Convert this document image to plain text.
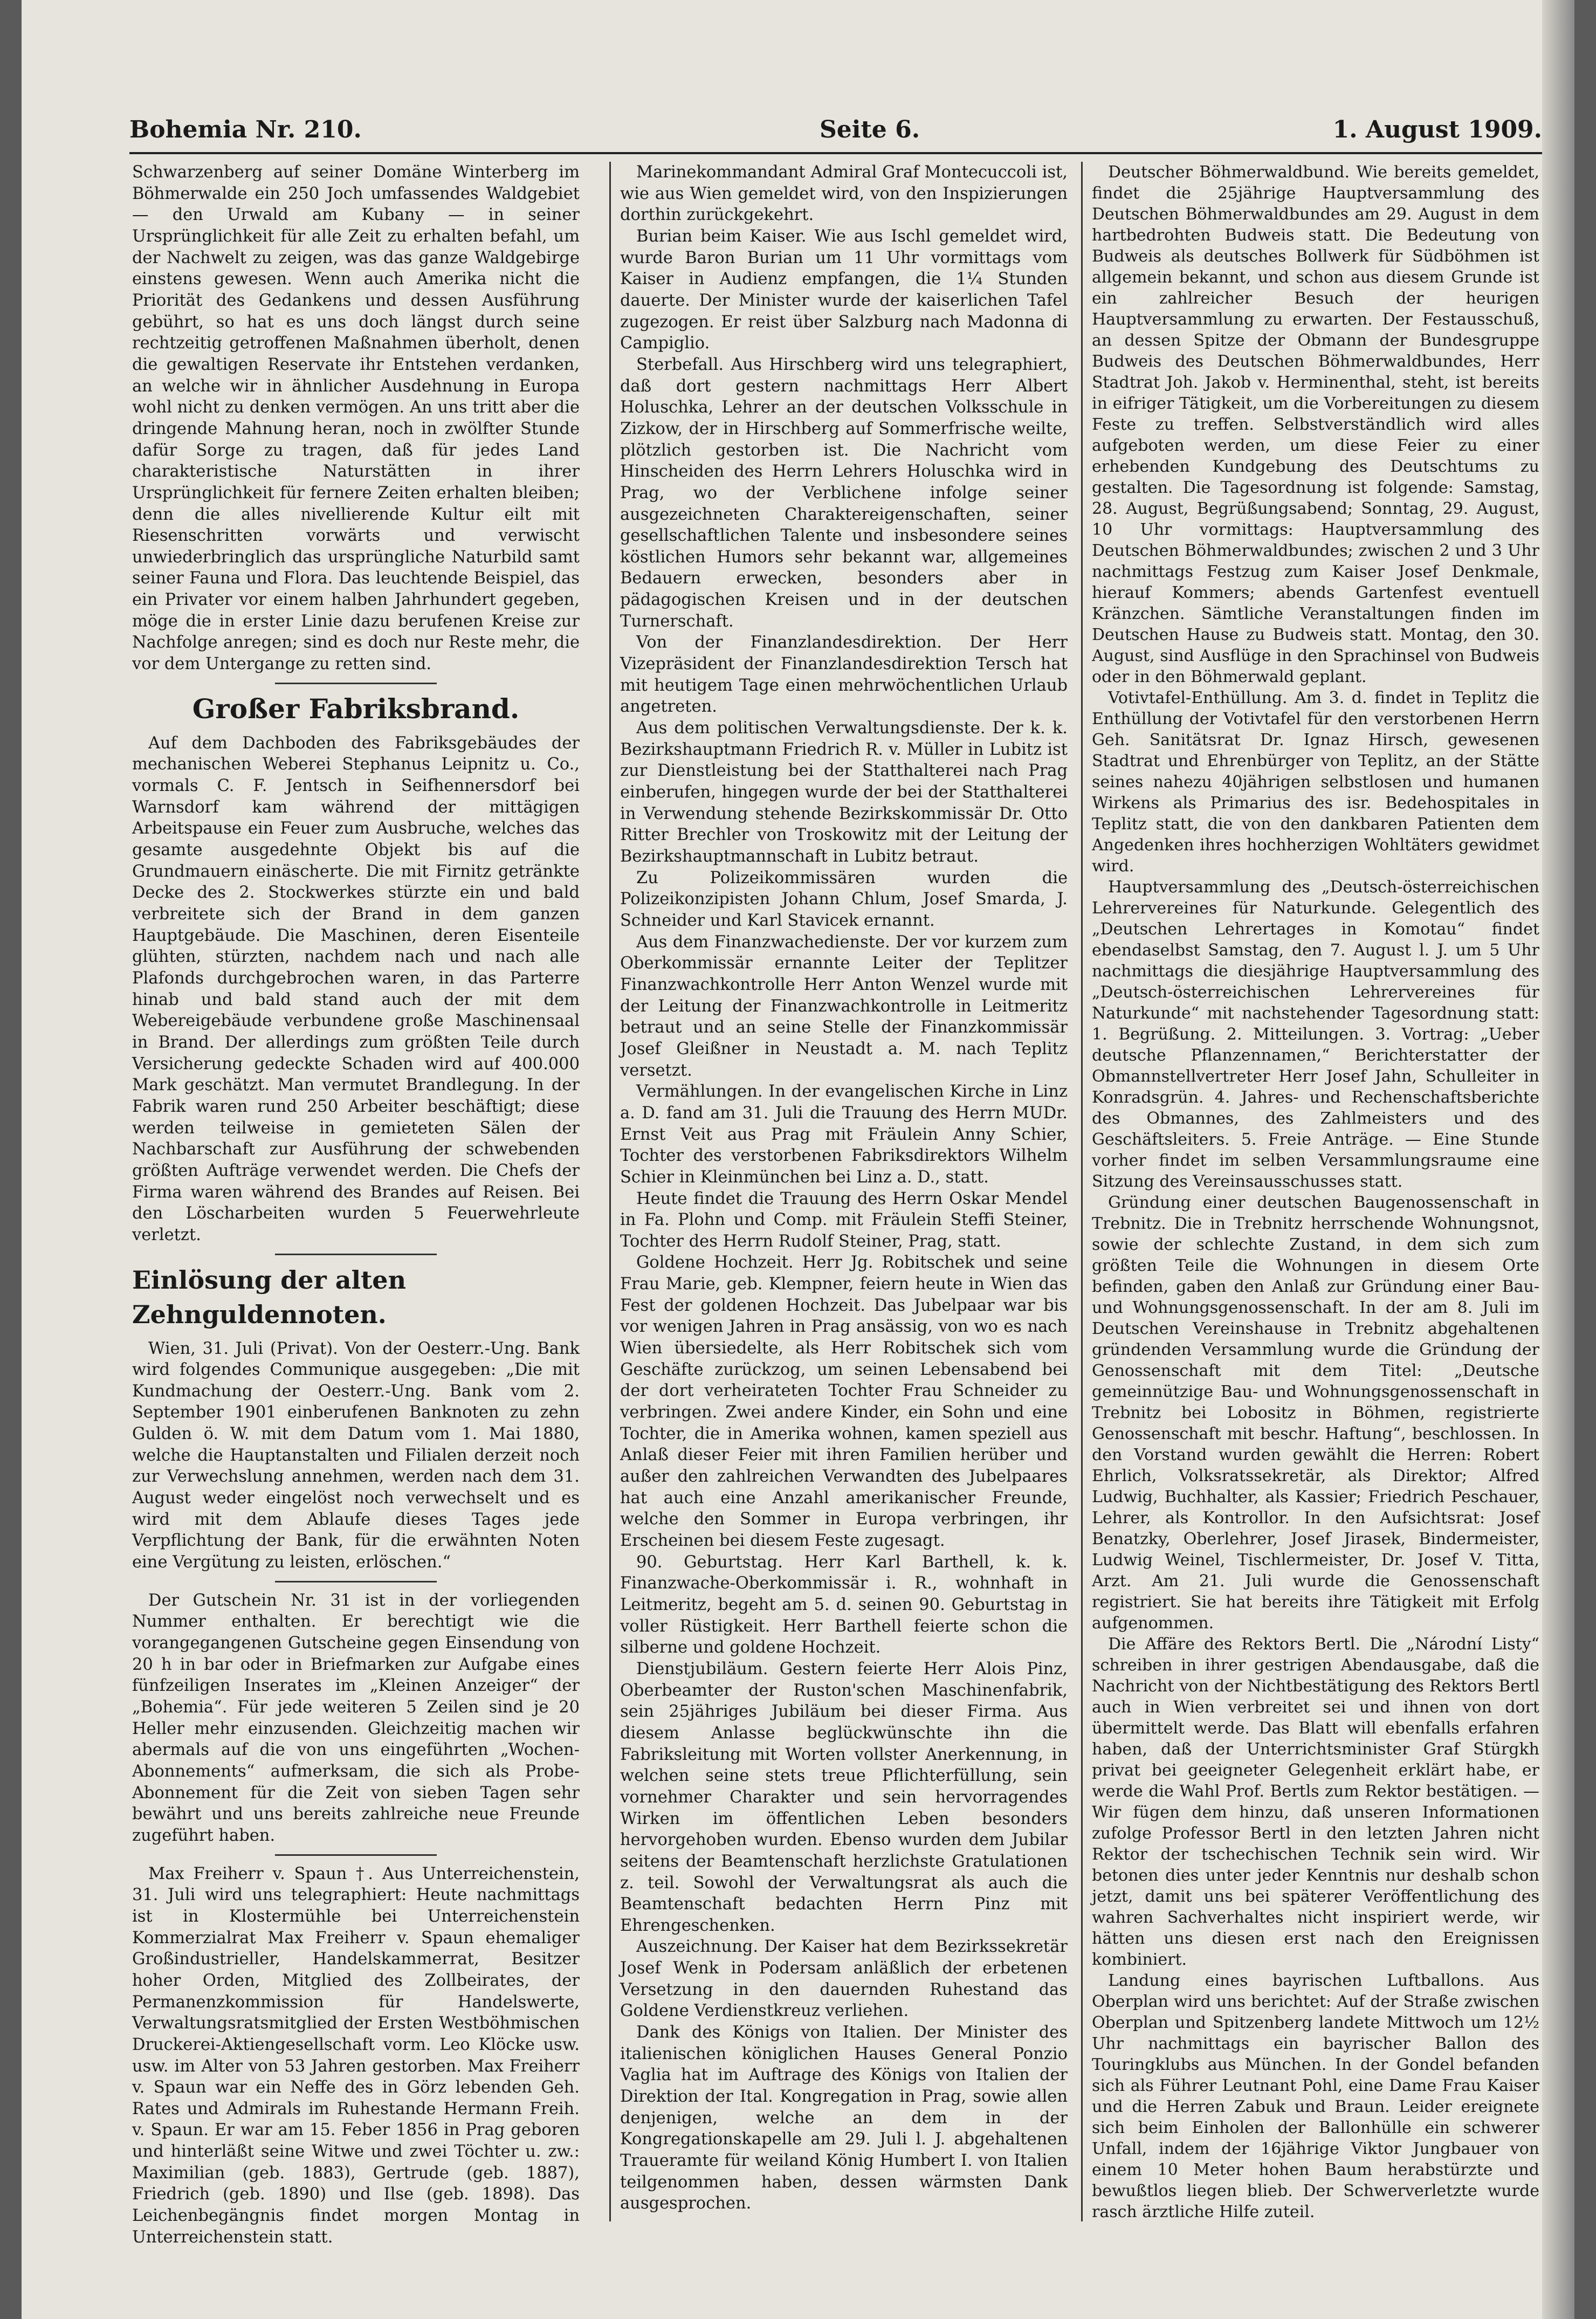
Bohemia Nr. 210.	Seite 6.	1. August 1909.

Schwarzenberg auf seiner Domäne Winterberg im Böhmerwalde ein 250 Joch umfassendes Waldgebiet — den Urwald am Kubany — in seiner Ursprünglichkeit für alle Zeit zu erhalten befahl, um der Nachwelt zu zeigen, was das ganze Waldgebirge einstens gewesen. Wenn auch Amerika nicht die Priorität des Gedankens und dessen Ausführung gebührt, so hat es uns doch längst durch seine rechtzeitig getroffenen Maßnahmen überholt, denen die gewaltigen Reservate ihr Entstehen verdanken, an welche wir in ähnlicher Ausdehnung in Europa wohl nicht zu denken vermögen. An uns tritt aber die dringende Mahnung heran, noch in zwölfter Stunde dafür Sorge zu tragen, daß für jedes Land charakteristische Naturstätten in ihrer Ursprünglichkeit für fernere Zeiten erhalten bleiben; denn die alles nivellierende Kultur eilt mit Riesenschritten vorwärts und verwischt unwiederbringlich das ursprüngliche Naturbild samt seiner Fauna und Flora. Das leuchtende Beispiel, das ein Privater vor einem halben Jahrhundert gegeben, möge die in erster Linie dazu berufenen Kreise zur Nachfolge anregen; sind es doch nur Reste mehr, die vor dem Untergange zu retten sind.

Großer Fabriksbrand.

Auf dem Dachboden des Fabriksgebäudes der mechanischen Weberei Stephanus Leipnitz u. Co., vormals C. F. Jentsch in Seifhennersdorf bei Warnsdorf kam während der mittägigen Arbeitspause ein Feuer zum Ausbruche, welches das gesamte ausgedehnte Objekt bis auf die Grundmauern einäscherte. Die mit Firnitz getränkte Decke des 2. Stockwerkes stürzte ein und bald verbreitete sich der Brand in dem ganzen Hauptgebäude. Die Maschinen, deren Eisenteile glühten, stürzten, nachdem nach und nach alle Plafonds durchgebrochen waren, in das Parterre hinab und bald stand auch der mit dem Webereigebäude verbundene große Maschinensaal in Brand. Der allerdings zum größten Teile durch Versicherung gedeckte Schaden wird auf 400.000 Mark geschätzt. Man vermutet Brandlegung. In der Fabrik waren rund 250 Arbeiter beschäftigt; diese werden teilweise in gemieteten Sälen der Nachbarschaft zur Ausführung der schwebenden größten Aufträge verwendet werden. Die Chefs der Firma waren während des Brandes auf Reisen. Bei den Löscharbeiten wurden 5 Feuerwehrleute verletzt.

Einlösung der alten Zehnguldennoten.

Wien, 31. Juli (Privat). Von der Oesterr.-Ung. Bank wird folgendes Communique ausgegeben: „Die mit Kundmachung der Oesterr.-Ung. Bank vom 2. September 1901 einberufenen Banknoten zu zehn Gulden ö. W. mit dem Datum vom 1. Mai 1880, welche die Hauptanstalten und Filialen derzeit noch zur Verwechslung annehmen, werden nach dem 31. August weder eingelöst noch verwechselt und es wird mit dem Ablaufe dieses Tages jede Verpflichtung der Bank, für die erwähnten Noten eine Vergütung zu leisten, erlöschen.“

Der Gutschein Nr. 31 ist in der vorliegenden Nummer enthalten. Er berechtigt wie die vorangegangenen Gutscheine gegen Einsendung von 20 h in bar oder in Briefmarken zur Aufgabe eines fünfzeiligen Inserates im „Kleinen Anzeiger“ der „Bohemia“. Für jede weiteren 5 Zeilen sind je 20 Heller mehr einzusenden. Gleichzeitig machen wir abermals auf die von uns eingeführten „Wochen-Abonnements“ aufmerksam, die sich als Probe-Abonnement für die Zeit von sieben Tagen sehr bewährt und uns bereits zahlreiche neue Freunde zugeführt haben.

Max Freiherr v. Spaun †. Aus Unterreichenstein, 31. Juli wird uns telegraphiert: Heute nachmittags ist in Klostermühle bei Unterreichenstein Kommerzialrat Max Freiherr v. Spaun ehemaliger Großindustrieller, Handelskammerrat, Besitzer hoher Orden, Mitglied des Zollbeirates, der Permanenzkommission für Handelswerte, Verwaltungsratsmitglied der Ersten Westböhmischen Druckerei-Aktiengesellschaft vorm. Leo Klöcke usw. usw. im Alter von 53 Jahren gestorben. Max Freiherr v. Spaun war ein Neffe des in Görz lebenden Geh. Rates und Admirals im Ruhestande Hermann Freih. v. Spaun. Er war am 15. Feber 1856 in Prag geboren und hinterläßt seine Witwe und zwei Töchter u. zw.: Maximilian (geb. 1883), Gertrude (geb. 1887), Friedrich (geb. 1890) und Ilse (geb. 1898). Das Leichenbegängnis findet morgen Montag in Unterreichenstein statt.

Marinekommandant Admiral Graf Montecuccoli ist, wie aus Wien gemeldet wird, von den Inspizierungen dorthin zurückgekehrt.

Burian beim Kaiser. Wie aus Ischl gemeldet wird, wurde Baron Burian um 11 Uhr vormittags vom Kaiser in Audienz empfangen, die 1¼ Stunden dauerte. Der Minister wurde der kaiserlichen Tafel zugezogen. Er reist über Salzburg nach Madonna di Campiglio.

Sterbefall. Aus Hirschberg wird uns telegraphiert, daß dort gestern nachmittags Herr Albert Holuschka, Lehrer an der deutschen Volksschule in Zizkow, der in Hirschberg auf Sommerfrische weilte, plötzlich gestorben ist. Die Nachricht vom Hinscheiden des Herrn Lehrers Holuschka wird in Prag, wo der Verblichene infolge seiner ausgezeichneten Charaktereigenschaften, seiner gesellschaftlichen Talente und insbesondere seines köstlichen Humors sehr bekannt war, allgemeines Bedauern erwecken, besonders aber in pädagogischen Kreisen und in der deutschen Turnerschaft.

Von der Finanzlandesdirektion. Der Herr Vizepräsident der Finanzlandesdirektion Tersch hat mit heutigem Tage einen mehrwöchentlichen Urlaub angetreten.

Aus dem politischen Verwaltungsdienste. Der k. k. Bezirkshauptmann Friedrich R. v. Müller in Lubitz ist zur Dienstleistung bei der Statthalterei nach Prag einberufen, hingegen wurde der bei der Statthalterei in Verwendung stehende Bezirkskommissär Dr. Otto Ritter Brechler von Troskowitz mit der Leitung der Bezirkshauptmannschaft in Lubitz betraut.

Zu Polizeikommissären wurden die Polizeikonzipisten Johann Chlum, Josef Smarda, J. Schneider und Karl Stavicek ernannt.

Aus dem Finanzwachedienste. Der vor kurzem zum Oberkommissär ernannte Leiter der Teplitzer Finanzwachkontrolle Herr Anton Wenzel wurde mit der Leitung der Finanzwachkontrolle in Leitmeritz betraut und an seine Stelle der Finanzkommissär Josef Gleißner in Neustadt a. M. nach Teplitz versetzt.

Vermählungen. In der evangelischen Kirche in Linz a. D. fand am 31. Juli die Trauung des Herrn MUDr. Ernst Veit aus Prag mit Fräulein Anny Schier, Tochter des verstorbenen Fabriksdirektors Wilhelm Schier in Kleinmünchen bei Linz a. D., statt.

Heute findet die Trauung des Herrn Oskar Mendel in Fa. Plohn und Comp. mit Fräulein Steffi Steiner, Tochter des Herrn Rudolf Steiner, Prag, statt.

Goldene Hochzeit. Herr Jg. Robitschek und seine Frau Marie, geb. Klempner, feiern heute in Wien das Fest der goldenen Hochzeit. Das Jubelpaar war bis vor wenigen Jahren in Prag ansässig, von wo es nach Wien übersiedelte, als Herr Robitschek sich vom Geschäfte zurückzog, um seinen Lebensabend bei der dort verheirateten Tochter Frau Schneider zu verbringen. Zwei andere Kinder, ein Sohn und eine Tochter, die in Amerika wohnen, kamen speziell aus Anlaß dieser Feier mit ihren Familien herüber und außer den zahlreichen Verwandten des Jubelpaares hat auch eine Anzahl amerikanischer Freunde, welche den Sommer in Europa verbringen, ihr Erscheinen bei diesem Feste zugesagt.

90. Geburtstag. Herr Karl Barthell, k. k. Finanzwache-Oberkommissär i. R., wohnhaft in Leitmeritz, begeht am 5. d. seinen 90. Geburtstag in voller Rüstigkeit. Herr Barthell feierte schon die silberne und goldene Hochzeit.

Dienstjubiläum. Gestern feierte Herr Alois Pinz, Oberbeamter der Ruston'schen Maschinenfabrik, sein 25jähriges Jubiläum bei dieser Firma. Aus diesem Anlasse beglückwünschte ihn die Fabriksleitung mit Worten vollster Anerkennung, in welchen seine stets treue Pflichterfüllung, sein vornehmer Charakter und sein hervorragendes Wirken im öffentlichen Leben besonders hervorgehoben wurden. Ebenso wurden dem Jubilar seitens der Beamtenschaft herzlichste Gratulationen z. teil. Sowohl der Verwaltungsrat als auch die Beamtenschaft bedachten Herrn Pinz mit Ehrengeschenken.

Auszeichnung. Der Kaiser hat dem Bezirkssekretär Josef Wenk in Podersam anläßlich der erbetenen Versetzung in den dauernden Ruhestand das Goldene Verdienstkreuz verliehen.

Dank des Königs von Italien. Der Minister des italienischen königlichen Hauses General Ponzio Vaglia hat im Auftrage des Königs von Italien der Direktion der Ital. Kongregation in Prag, sowie allen denjenigen, welche an dem in der Kongregationskapelle am 29. Juli l. J. abgehaltenen Traueramte für weiland König Humbert I. von Italien teilgenommen haben, dessen wärmsten Dank ausgesprochen.

Deutscher Böhmerwaldbund. Wie bereits gemeldet, findet die 25jährige Hauptversammlung des Deutschen Böhmerwaldbundes am 29. August in dem hartbedrohten Budweis statt. Die Bedeutung von Budweis als deutsches Bollwerk für Südböhmen ist allgemein bekannt, und schon aus diesem Grunde ist ein zahlreicher Besuch der heurigen Hauptversammlung zu erwarten. Der Festausschuß, an dessen Spitze der Obmann der Bundesgruppe Budweis des Deutschen Böhmerwaldbundes, Herr Stadtrat Joh. Jakob v. Herminenthal, steht, ist bereits in eifriger Tätigkeit, um die Vorbereitungen zu diesem Feste zu treffen. Selbstverständlich wird alles aufgeboten werden, um diese Feier zu einer erhebenden Kundgebung des Deutschtums zu gestalten. Die Tagesordnung ist folgende: Samstag, 28. August, Begrüßungsabend; Sonntag, 29. August, 10 Uhr vormittags: Hauptversammlung des Deutschen Böhmerwaldbundes; zwischen 2 und 3 Uhr nachmittags Festzug zum Kaiser Josef Denkmale, hierauf Kommers; abends Gartenfest eventuell Kränzchen. Sämtliche Veranstaltungen finden im Deutschen Hause zu Budweis statt. Montag, den 30. August, sind Ausflüge in den Sprachinsel von Budweis oder in den Böhmerwald geplant.

Votivtafel-Enthüllung. Am 3. d. findet in Teplitz die Enthüllung der Votivtafel für den verstorbenen Herrn Geh. Sanitätsrat Dr. Ignaz Hirsch, gewesenen Stadtrat und Ehrenbürger von Teplitz, an der Stätte seines nahezu 40jährigen selbstlosen und humanen Wirkens als Primarius des isr. Bedehospitales in Teplitz statt, die von den dankbaren Patienten dem Angedenken ihres hochherzigen Wohltäters gewidmet wird.

Hauptversammlung des „Deutsch-österreichischen Lehrervereines für Naturkunde. Gelegentlich des „Deutschen Lehrertages in Komotau“ findet ebendaselbst Samstag, den 7. August l. J. um 5 Uhr nachmittags die diesjährige Hauptversammlung des „Deutsch-österreichischen Lehrervereines für Naturkunde“ mit nachstehender Tagesordnung statt: 1. Begrüßung. 2. Mitteilungen. 3. Vortrag: „Ueber deutsche Pflanzennamen,“ Berichterstatter der Obmannstellvertreter Herr Josef Jahn, Schulleiter in Konradsgrün. 4. Jahres- und Rechenschaftsberichte des Obmannes, des Zahlmeisters und des Geschäftsleiters. 5. Freie Anträge. — Eine Stunde vorher findet im selben Versammlungsraume eine Sitzung des Vereinsausschusses statt.

Gründung einer deutschen Baugenossenschaft in Trebnitz. Die in Trebnitz herrschende Wohnungsnot, sowie der schlechte Zustand, in dem sich zum größten Teile die Wohnungen in diesem Orte befinden, gaben den Anlaß zur Gründung einer Bau- und Wohnungsgenossenschaft. In der am 8. Juli im Deutschen Vereinshause in Trebnitz abgehaltenen gründenden Versammlung wurde die Gründung der Genossenschaft mit dem Titel: „Deutsche gemeinnützige Bau- und Wohnungsgenossenschaft in Trebnitz bei Lobositz in Böhmen, registrierte Genossenschaft mit beschr. Haftung“, beschlossen. In den Vorstand wurden gewählt die Herren: Robert Ehrlich, Volksratssekretär, als Direktor; Alfred Ludwig, Buchhalter, als Kassier; Friedrich Peschauer, Lehrer, als Kontrollor. In den Aufsichtsrat: Josef Benatzky, Oberlehrer, Josef Jirasek, Bindermeister, Ludwig Weinel, Tischlermeister, Dr. Josef V. Titta, Arzt. Am 21. Juli wurde die Genossenschaft registriert. Sie hat bereits ihre Tätigkeit mit Erfolg aufgenommen.

Die Affäre des Rektors Bertl. Die „Národní Listy“ schreiben in ihrer gestrigen Abendausgabe, daß die Nachricht von der Nichtbestätigung des Rektors Bertl auch in Wien verbreitet sei und ihnen von dort übermittelt werde. Das Blatt will ebenfalls erfahren haben, daß der Unterrichtsminister Graf Stürgkh privat bei geeigneter Gelegenheit erklärt habe, er werde die Wahl Prof. Bertls zum Rektor bestätigen. — Wir fügen dem hinzu, daß unseren Informationen zufolge Professor Bertl in den letzten Jahren nicht Rektor der tschechischen Technik sein wird. Wir betonen dies unter jeder Kenntnis nur deshalb schon jetzt, damit uns bei späterer Veröffentlichung des wahren Sachverhaltes nicht inspiriert werde, wir hätten uns diesen erst nach den Ereignissen kombiniert.

Landung eines bayrischen Luftballons. Aus Oberplan wird uns berichtet: Auf der Straße zwischen Oberplan und Spitzenberg landete Mittwoch um 12½ Uhr nachmittags ein bayrischer Ballon des Touringklubs aus München. In der Gondel befanden sich als Führer Leutnant Pohl, eine Dame Frau Kaiser und die Herren Zabuk und Braun. Leider ereignete sich beim Einholen der Ballonhülle ein schwerer Unfall, indem der 16jährige Viktor Jungbauer von einem 10 Meter hohen Baum herabstürzte und bewußtlos liegen blieb. Der Schwerverletzte wurde rasch ärztliche Hilfe zuteil.
